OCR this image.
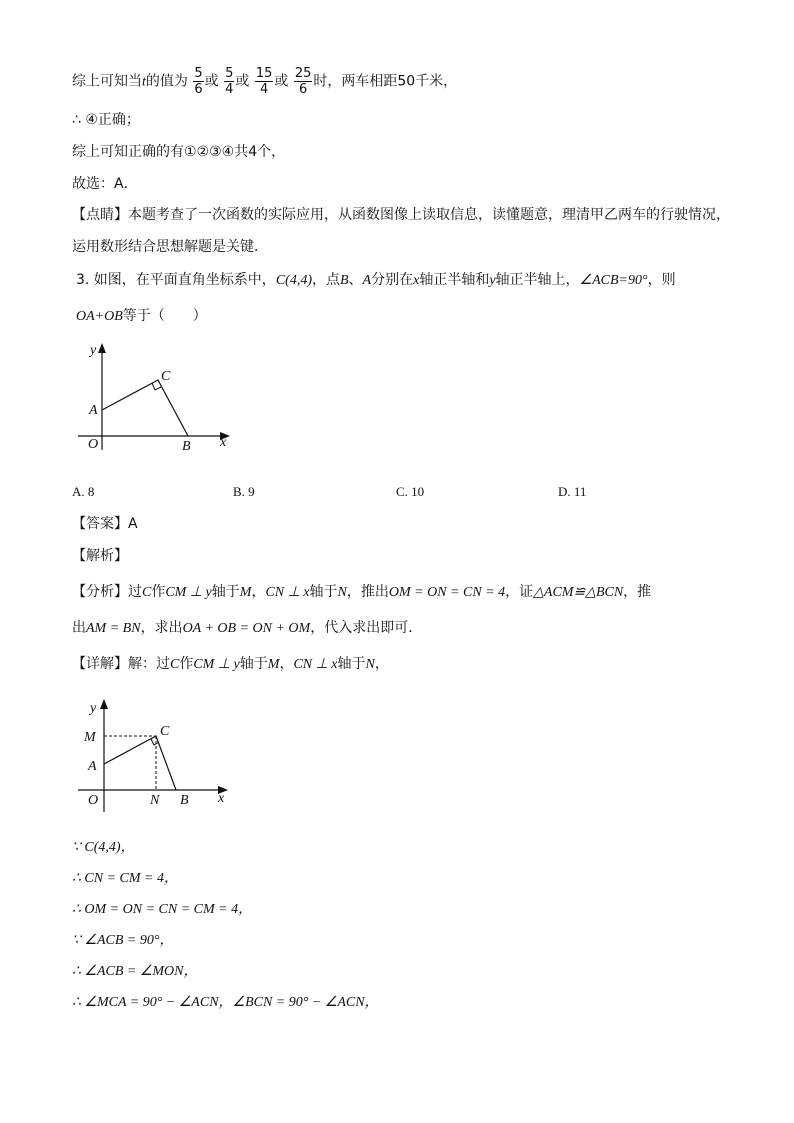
综上可知当t的值为 $\frac{5}{6}$ 或 $\frac{5}{4}$ 或 $\frac{15}{4}$ 或 $\frac{25}{6}$ 时，两车相距50千米，
∴ ④正确；
综上可知正确的有①②③④共4个，
故选：A．
【点睛】本题考查了一次函数的实际应用，从函数图像上读取信息，读懂题意，理清甲乙两车的行驶情况，
运用数形结合思想解题是关键．
3. 如图，在平面直角坐标系中，C(4,4)，点B、A分别在x轴正半轴和y轴正半轴上，∠ACB=90°，则
OA+OB等于（　　）
y
x
O
A
B
C
A. 8	B. 9	C. 10	D. 11
【答案】A
【解析】
【分析】过C作CM ⊥ y轴于M，CN ⊥ x轴于N，推出OM = ON = CN = 4，证△ACM≌△BCN，推
出AM = BN，求出OA + OB = ON + OM，代入求出即可．
【详解】解：过C作CM ⊥ y轴于M，CN ⊥ x轴于N，
y
x
O
M
A
N B
C
∵ C(4,4)，
∴ CN = CM = 4，
∴ OM = ON = CN = CM = 4，
∵ ∠ACB = 90°，
∴ ∠ACB = ∠MON，
∴ ∠MCA = 90° − ∠ACN，∠BCN = 90° − ∠ACN，
